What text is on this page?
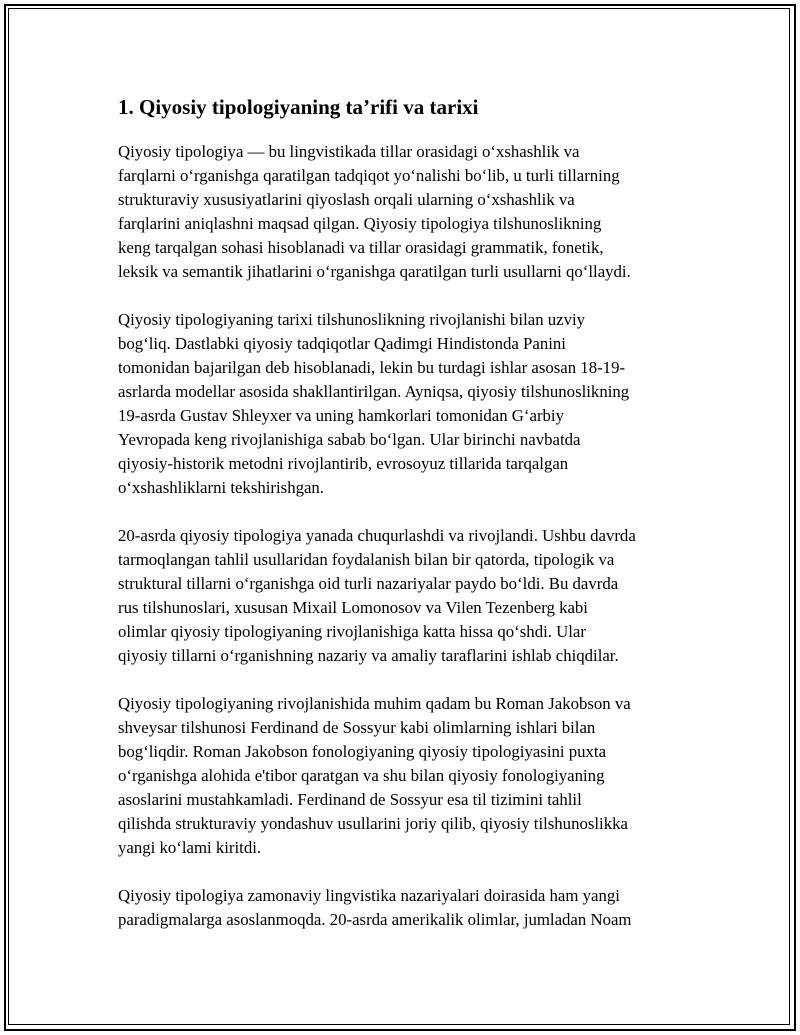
1. Qiyosiy tipologiyaning ta’rifi va tarixi

Qiyosiy tipologiya — bu lingvistikada tillar orasidagi oʻxshashlik va
farqlarni oʻrganishga qaratilgan tadqiqot yoʻnalishi boʻlib, u turli tillarning
strukturaviy xususiyatlarini qiyoslash orqali ularning oʻxshashlik va
farqlarini aniqlashni maqsad qilgan. Qiyosiy tipologiya tilshunoslikning
keng tarqalgan sohasi hisoblanadi va tillar orasidagi grammatik, fonetik,
leksik va semantik jihatlarini oʻrganishga qaratilgan turli usullarni qoʻllaydi.

Qiyosiy tipologiyaning tarixi tilshunoslikning rivojlanishi bilan uzviy
bogʻliq. Dastlabki qiyosiy tadqiqotlar Qadimgi Hindistonda Panini
tomonidan bajarilgan deb hisoblanadi, lekin bu turdagi ishlar asosan 18-19-
asrlarda modellar asosida shakllantirilgan. Ayniqsa, qiyosiy tilshunoslikning
19-asrda Gustav Shleyxer va uning hamkorlari tomonidan Gʻarbiy
Yevropada keng rivojlanishiga sabab boʻlgan. Ular birinchi navbatda
qiyosiy-historik metodni rivojlantirib, evrosoyuz tillarida tarqalgan
oʻxshashliklarni tekshirishgan.

20-asrda qiyosiy tipologiya yanada chuqurlashdi va rivojlandi. Ushbu davrda
tarmoqlangan tahlil usullaridan foydalanish bilan bir qatorda, tipologik va
struktural tillarni oʻrganishga oid turli nazariyalar paydo boʻldi. Bu davrda
rus tilshunoslari, xususan Mixail Lomonosov va Vilen Tezenberg kabi
olimlar qiyosiy tipologiyaning rivojlanishiga katta hissa qoʻshdi. Ular
qiyosiy tillarni oʻrganishning nazariy va amaliy taraflarini ishlab chiqdilar.

Qiyosiy tipologiyaning rivojlanishida muhim qadam bu Roman Jakobson va
shveysar tilshunosi Ferdinand de Sossyur kabi olimlarning ishlari bilan
bogʻliqdir. Roman Jakobson fonologiyaning qiyosiy tipologiyasini puxta
oʻrganishga alohida e'tibor qaratgan va shu bilan qiyosiy fonologiyaning
asoslarini mustahkamladi. Ferdinand de Sossyur esa til tizimini tahlil
qilishda strukturaviy yondashuv usullarini joriy qilib, qiyosiy tilshunoslikka
yangi koʻlami kiritdi.

Qiyosiy tipologiya zamonaviy lingvistika nazariyalari doirasida ham yangi
paradigmalarga asoslanmoqda. 20-asrda amerikalik olimlar, jumladan Noam
